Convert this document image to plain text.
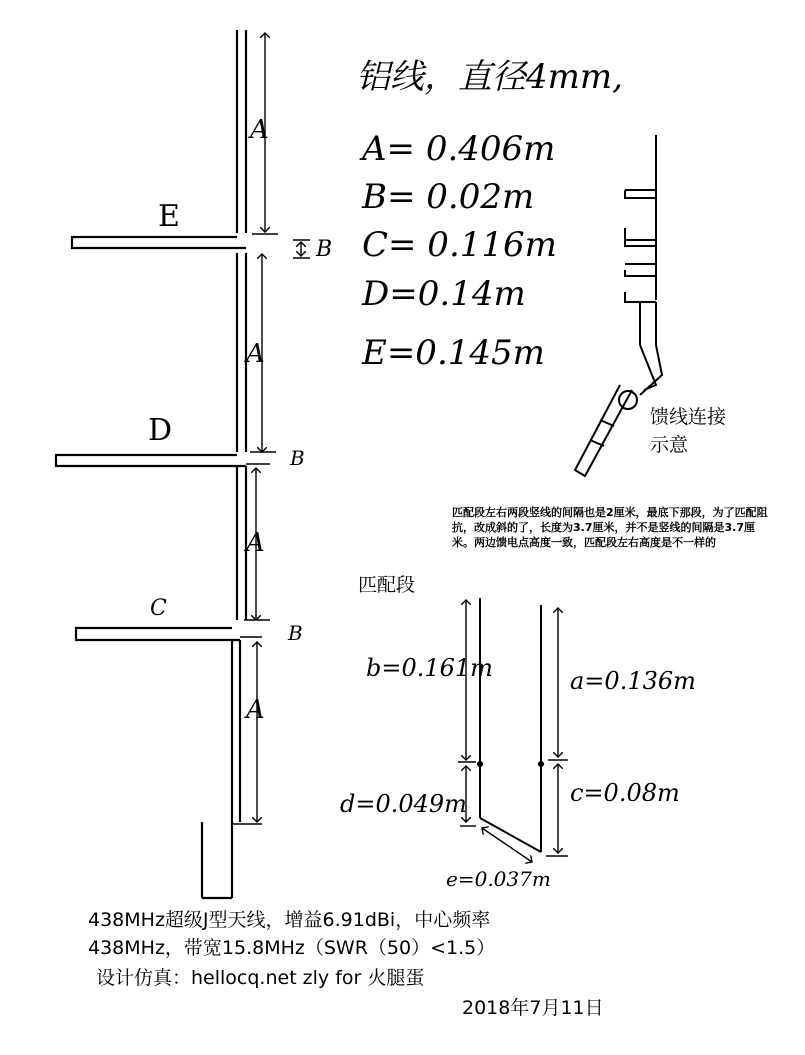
A
A
A
A
B
B
B
E
D
C
铝线，直径4mm,
A= 0.406m
B= 0.02m
C= 0.116m
D=0.14m
E=0.145m
b=0.161m	a=0.136m
d=0.049m	c=0.08m
e=0.037m
馈线连接
示意
匹配段左右两段竖线的间隔也是2厘米，最底下那段，为了匹配阻抗，改成斜的了，长度为3.7厘米，并不是竖线的间隔是3.7厘米。两边馈电点高度一致，匹配段左右高度是不一样的
匹配段
438MHz超级J型天线，增益6.91dBi，中心频率
438MHz，带宽15.8MHz（SWR（50）<1.5）
设计仿真：hellocq.net zly for 火腿蛋
2018年7月11日
